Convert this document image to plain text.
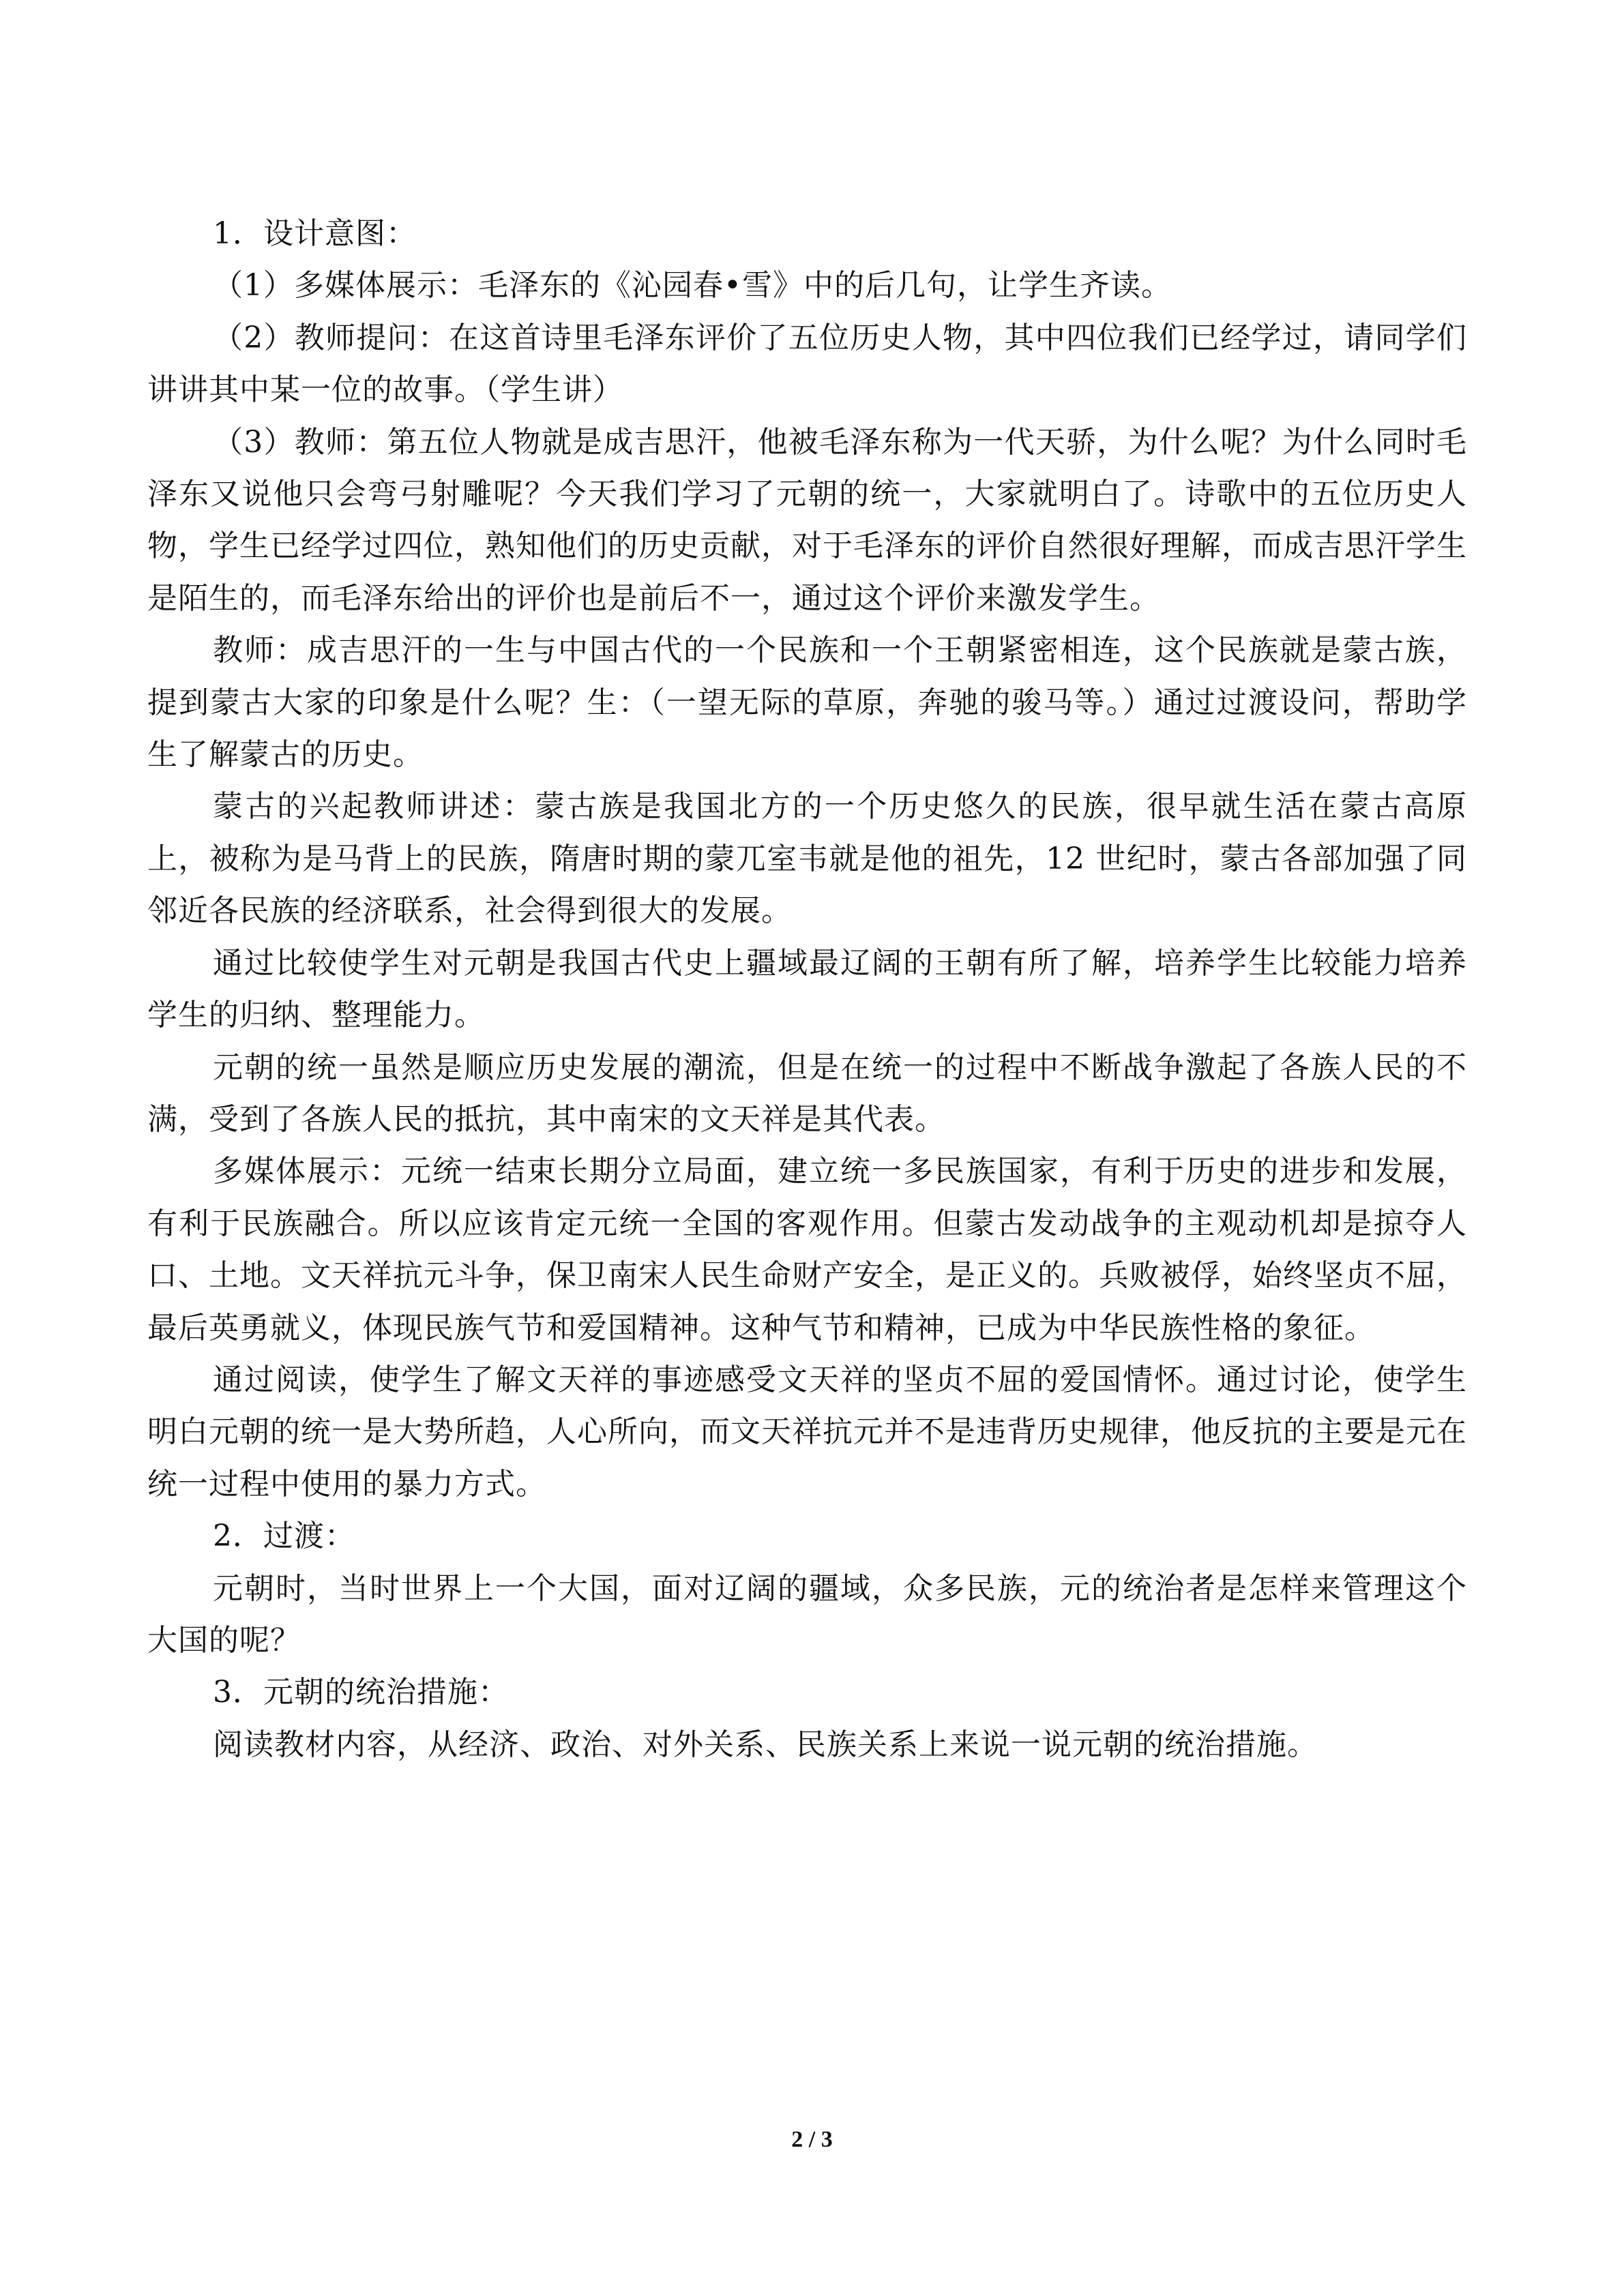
1．设计意图：

（1）多媒体展示：毛泽东的《沁园春•雪》中的后几句，让学生齐读。

（2）教师提问：在这首诗里毛泽东评价了五位历史人物，其中四位我们已经学过，请同学们讲讲其中某一位的故事。（学生讲）

（3）教师：第五位人物就是成吉思汗，他被毛泽东称为一代天骄，为什么呢？为什么同时毛泽东又说他只会弯弓射雕呢？今天我们学习了元朝的统一，大家就明白了。诗歌中的五位历史人物，学生已经学过四位，熟知他们的历史贡献，对于毛泽东的评价自然很好理解，而成吉思汗学生是陌生的，而毛泽东给出的评价也是前后不一，通过这个评价来激发学生。

教师：成吉思汗的一生与中国古代的一个民族和一个王朝紧密相连，这个民族就是蒙古族，提到蒙古大家的印象是什么呢？生：（一望无际的草原，奔驰的骏马等。）通过过渡设问，帮助学生了解蒙古的历史。

蒙古的兴起教师讲述：蒙古族是我国北方的一个历史悠久的民族，很早就生活在蒙古高原上，被称为是马背上的民族，隋唐时期的蒙兀室韦就是他的祖先，12 世纪时，蒙古各部加强了同邻近各民族的经济联系，社会得到很大的发展。

通过比较使学生对元朝是我国古代史上疆域最辽阔的王朝有所了解，培养学生比较能力培养学生的归纳、整理能力。

元朝的统一虽然是顺应历史发展的潮流，但是在统一的过程中不断战争激起了各族人民的不满，受到了各族人民的抵抗，其中南宋的文天祥是其代表。

多媒体展示：元统一结束长期分立局面，建立统一多民族国家，有利于历史的进步和发展，有利于民族融合。所以应该肯定元统一全国的客观作用。但蒙古发动战争的主观动机却是掠夺人口、土地。文天祥抗元斗争，保卫南宋人民生命财产安全，是正义的。兵败被俘，始终坚贞不屈，最后英勇就义，体现民族气节和爱国精神。这种气节和精神，已成为中华民族性格的象征。

通过阅读，使学生了解文天祥的事迹感受文天祥的坚贞不屈的爱国情怀。通过讨论，使学生明白元朝的统一是大势所趋，人心所向，而文天祥抗元并不是违背历史规律，他反抗的主要是元在统一过程中使用的暴力方式。

2．过渡：

元朝时，当时世界上一个大国，面对辽阔的疆域，众多民族，元的统治者是怎样来管理这个大国的呢？

3．元朝的统治措施：

阅读教材内容，从经济、政治、对外关系、民族关系上来说一说元朝的统治措施。

2 / 3
